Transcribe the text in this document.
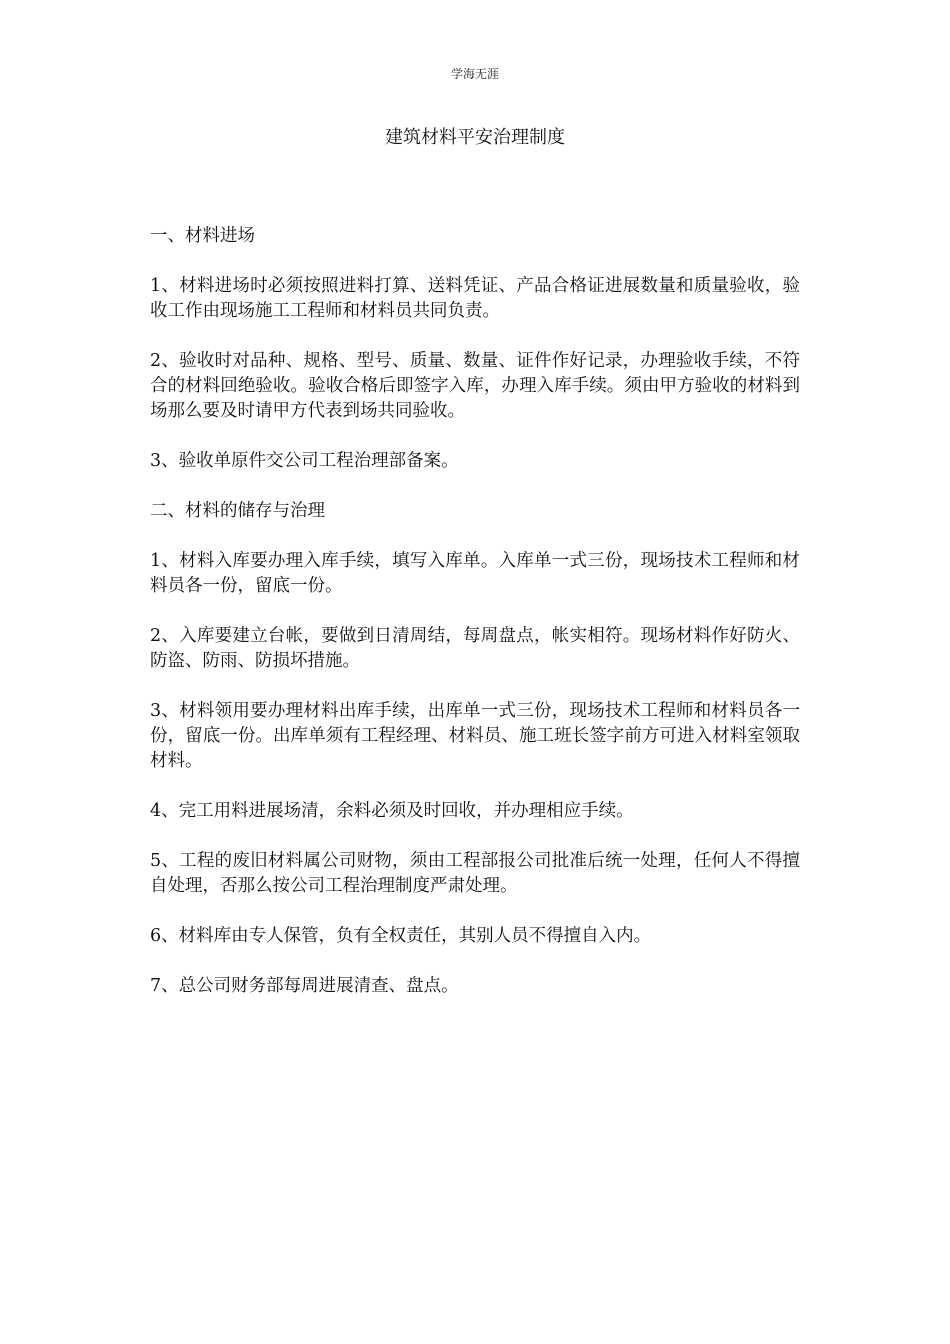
学海无涯
建筑材料平安治理制度

一、材料进场

1、材料进场时必须按照进料打算、送料凭证、产品合格证进展数量和质量验收，验收工作由现场施工工程师和材料员共同负责。

2、验收时对品种、规格、型号、质量、数量、证件作好记录，办理验收手续，不符合的材料回绝验收。验收合格后即签字入库，办理入库手续。须由甲方验收的材料到场那么要及时请甲方代表到场共同验收。

3、验收单原件交公司工程治理部备案。

二、材料的储存与治理

1、材料入库要办理入库手续，填写入库单。入库单一式三份，现场技术工程师和材料员各一份，留底一份。

2、入库要建立台帐，要做到日清周结，每周盘点，帐实相符。现场材料作好防火、防盗、防雨、防损坏措施。

3、材料领用要办理材料出库手续，出库单一式三份，现场技术工程师和材料员各一份，留底一份。出库单须有工程经理、材料员、施工班长签字前方可进入材料室领取材料。

4、完工用料进展场清，余料必须及时回收，并办理相应手续。

5、工程的废旧材料属公司财物，须由工程部报公司批准后统一处理，任何人不得擅自处理，否那么按公司工程治理制度严肃处理。

6、材料库由专人保管，负有全权责任，其别人员不得擅自入内。

7、总公司财务部每周进展清查、盘点。
